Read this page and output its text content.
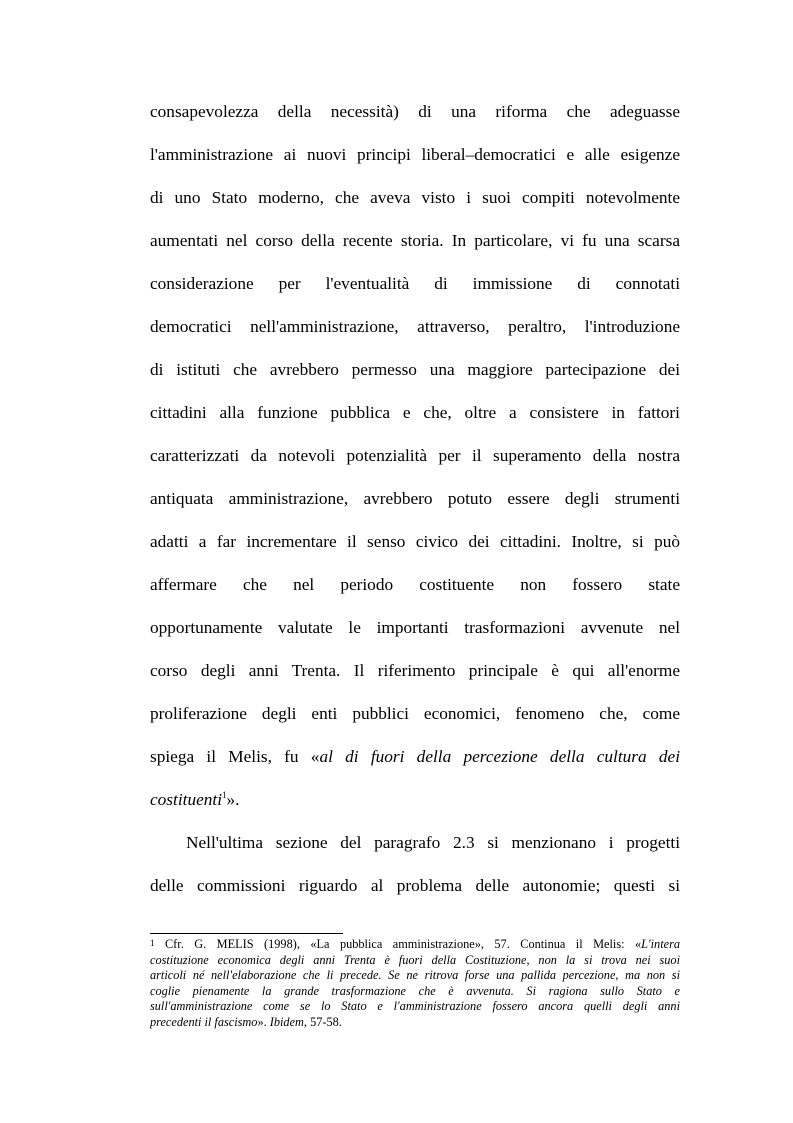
consapevolezza della necessità) di una riforma che adeguasse
l'amministrazione ai nuovi principi liberal–democratici e alle esigenze
di uno Stato moderno, che aveva visto i suoi compiti notevolmente
aumentati nel corso della recente storia. In particolare, vi fu una scarsa
considerazione per l'eventualità di immissione di connotati
democratici nell'amministrazione, attraverso, peraltro, l'introduzione
di istituti che avrebbero permesso una maggiore partecipazione dei
cittadini alla funzione pubblica e che, oltre a consistere in fattori
caratterizzati da notevoli potenzialità per il superamento della nostra
antiquata amministrazione, avrebbero potuto essere degli strumenti
adatti a far incrementare il senso civico dei cittadini. Inoltre, si può
affermare che nel periodo costituente non fossero state
opportunamente valutate le importanti trasformazioni avvenute nel
corso degli anni Trenta. Il riferimento principale è qui all'enorme
proliferazione degli enti pubblici economici, fenomeno che, come
spiega il Melis, fu «al di fuori della percezione della cultura dei
costituenti$^1$».
Nell'ultima sezione del paragrafo 2.3 si menzionano i progetti
delle commissioni riguardo al problema delle autonomie; questi si
$^1$ Cfr. G. MELIS (1998), «La pubblica amministrazione», 57. Continua il Melis: «L'intera
costituzione economica degli anni Trenta è fuori della Costituzione, non la si trova nei suoi
articoli né nell'elaborazione che li precede. Se ne ritrova forse una pallida percezione, ma non si
coglie pienamente la grande trasformazione che è avvenuta. Si ragiona sullo Stato e
sull'amministrazione come se lo Stato e l'amministrazione fossero ancora quelli degli anni
precedenti il fascismo». Ibidem, 57-58.
